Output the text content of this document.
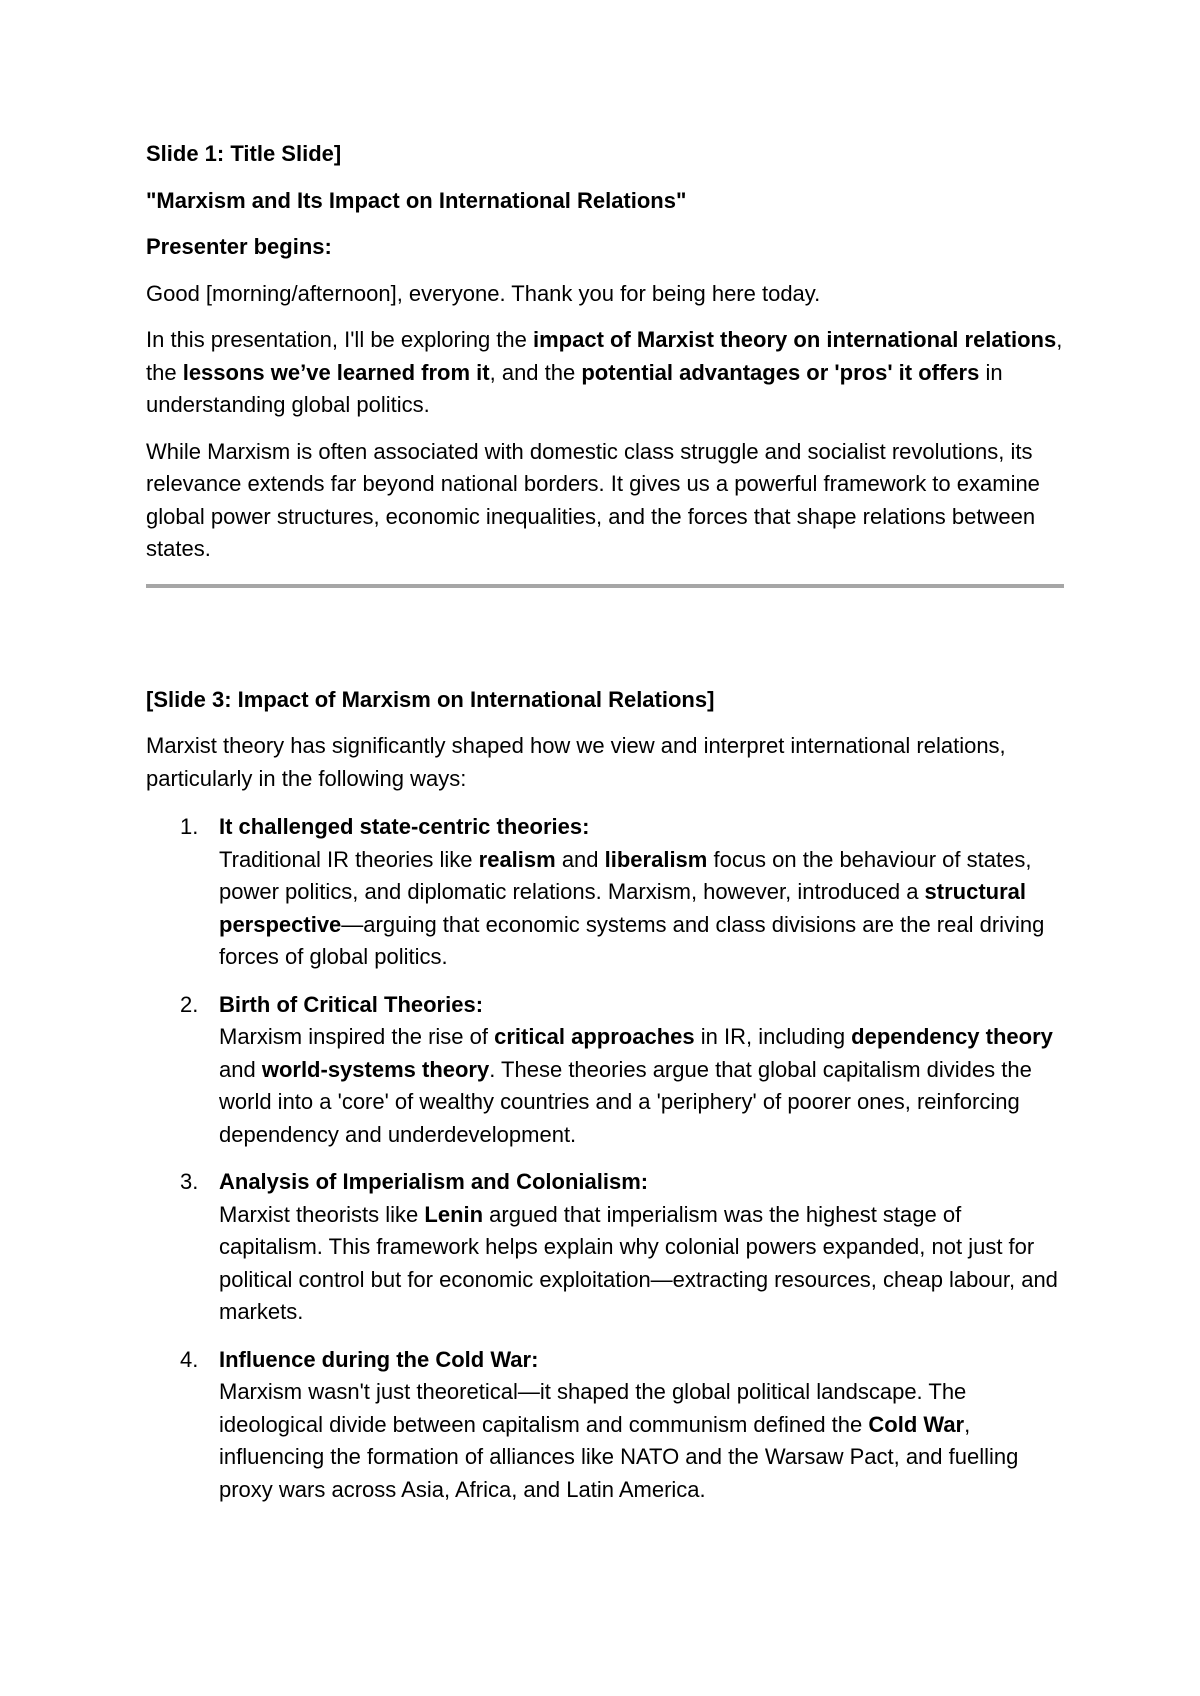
Slide 1: Title Slide]

"Marxism and Its Impact on International Relations"

Presenter begins:

Good [morning/afternoon], everyone. Thank you for being here today.

In this presentation, I'll be exploring the impact of Marxist theory on international relations, the lessons we’ve learned from it, and the potential advantages or 'pros' it offers in understanding global politics.

While Marxism is often associated with domestic class struggle and socialist revolutions, its relevance extends far beyond national borders. It gives us a powerful framework to examine global power structures, economic inequalities, and the forces that shape relations between states.

[Slide 3: Impact of Marxism on International Relations]

Marxist theory has significantly shaped how we view and interpret international relations, particularly in the following ways:

1. It challenged state-centric theories:

Traditional IR theories like realism and liberalism focus on the behaviour of states, power politics, and diplomatic relations. Marxism, however, introduced a structural perspective—arguing that economic systems and class divisions are the real driving forces of global politics.

2. Birth of Critical Theories:

Marxism inspired the rise of critical approaches in IR, including dependency theory and world-systems theory. These theories argue that global capitalism divides the world into a 'core' of wealthy countries and a 'periphery' of poorer ones, reinforcing dependency and underdevelopment.

3. Analysis of Imperialism and Colonialism:

Marxist theorists like Lenin argued that imperialism was the highest stage of capitalism. This framework helps explain why colonial powers expanded, not just for political control but for economic exploitation—extracting resources, cheap labour, and markets.

4. Influence during the Cold War:

Marxism wasn't just theoretical—it shaped the global political landscape. The ideological divide between capitalism and communism defined the Cold War, influencing the formation of alliances like NATO and the Warsaw Pact, and fuelling proxy wars across Asia, Africa, and Latin America.
